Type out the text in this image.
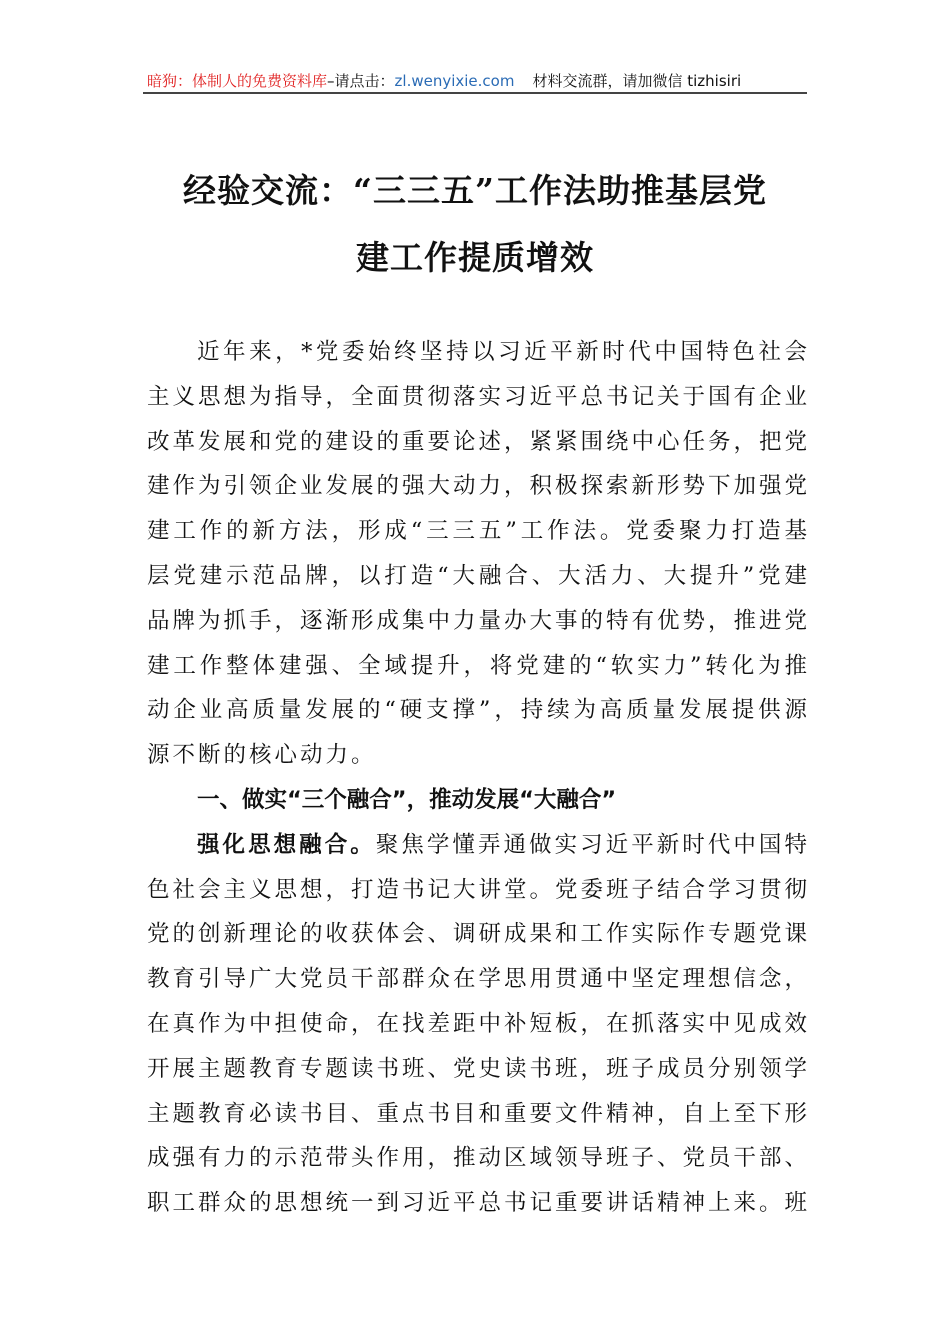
暗狗：体制人的免费资料库 –请点击： zl.wenyixie.com 材料交流群，请加微信 tizhisiri
经验交流：“三三五”工作法助推基层党
建工作提质增效
近年来，*党委始终坚持以习近平新时代中国特色社会
主义思想为指导，全面贯彻落实习近平总书记关于国有企业
改革发展和党的建设的重要论述，紧紧围绕中心任务，把党
建作为引领企业发展的强大动力，积极探索新形势下加强党
建工作的新方法，形成“三三五”工作法。党委聚力打造基
层党建示范品牌，以打造“大融合、大活力、大提升”党建
品牌为抓手，逐渐形成集中力量办大事的特有优势，推进党
建工作整体建强、全域提升，将党建的“软实力”转化为推
动企业高质量发展的“硬支撑”，持续为高质量发展提供源
源不断的核心动力。
一、做实“三个融合”，推动发展“大融合”
强化思想融合。聚焦学懂弄通做实习近平新时代中国特
色社会主义思想，打造书记大讲堂。党委班子结合学习贯彻
党的创新理论的收获体会、调研成果和工作实际作专题党课
教育引导广大党员干部群众在学思用贯通中坚定理想信念，
在真作为中担使命，在找差距中补短板，在抓落实中见成效
开展主题教育专题读书班、党史读书班，班子成员分别领学
主题教育必读书目、重点书目和重要文件精神，自上至下形
成强有力的示范带头作用，推动区域领导班子、党员干部、
职工群众的思想统一到习近平总书记重要讲话精神上来。班
